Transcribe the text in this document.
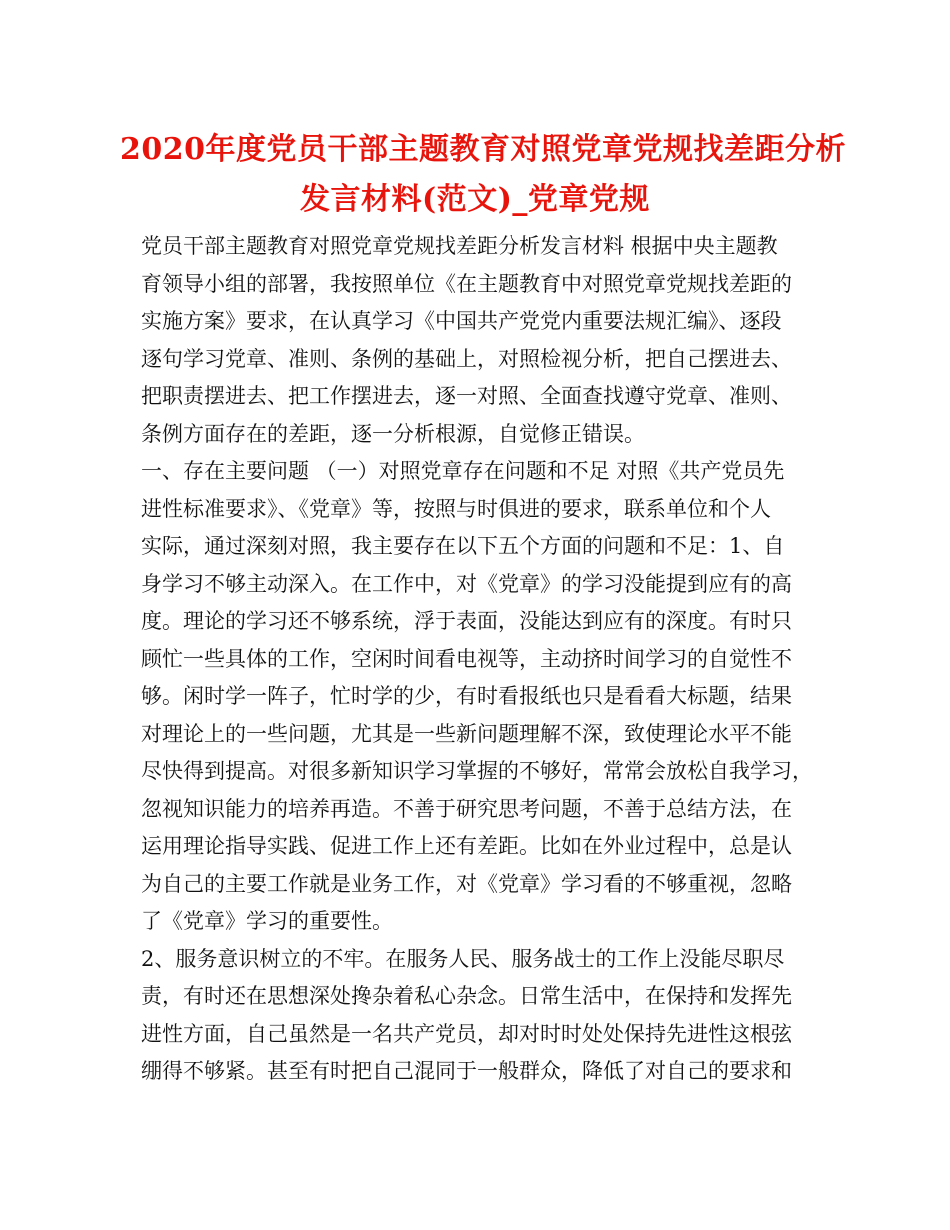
2020年度党员干部主题教育对照党章党规找差距分析
发言材料(范文)_党章党规
党员干部主题教育对照党章党规找差距分析发言材料 根据中央主题教
育领导小组的部署，我按照单位《在主题教育中对照党章党规找差距的
实施方案》要求，在认真学习《中国共产党党内重要法规汇编》、逐段
逐句学习党章、准则、条例的基础上，对照检视分析，把自己摆进去、
把职责摆进去、把工作摆进去，逐一对照、全面查找遵守党章、准则、
条例方面存在的差距，逐一分析根源，自觉修正错误。
一、存在主要问题 （一）对照党章存在问题和不足 对照《共产党员先
进性标准要求》、《党章》等，按照与时俱进的要求，联系单位和个人
实际，通过深刻对照，我主要存在以下五个方面的问题和不足：1、自
身学习不够主动深入。在工作中，对《党章》的学习没能提到应有的高
度。理论的学习还不够系统，浮于表面，没能达到应有的深度。有时只
顾忙一些具体的工作，空闲时间看电视等，主动挤时间学习的自觉性不
够。闲时学一阵子，忙时学的少，有时看报纸也只是看看大标题，结果
对理论上的一些问题，尤其是一些新问题理解不深，致使理论水平不能
尽快得到提高。对很多新知识学习掌握的不够好，常常会放松自我学习，
忽视知识能力的培养再造。不善于研究思考问题，不善于总结方法，在
运用理论指导实践、促进工作上还有差距。比如在外业过程中，总是认
为自己的主要工作就是业务工作，对《党章》学习看的不够重视，忽略
了《党章》学习的重要性。
2、服务意识树立的不牢。在服务人民、服务战士的工作上没能尽职尽
责，有时还在思想深处搀杂着私心杂念。日常生活中，在保持和发挥先
进性方面，自己虽然是一名共产党员，却对时时处处保持先进性这根弦
绷得不够紧。甚至有时把自己混同于一般群众，降低了对自己的要求和
